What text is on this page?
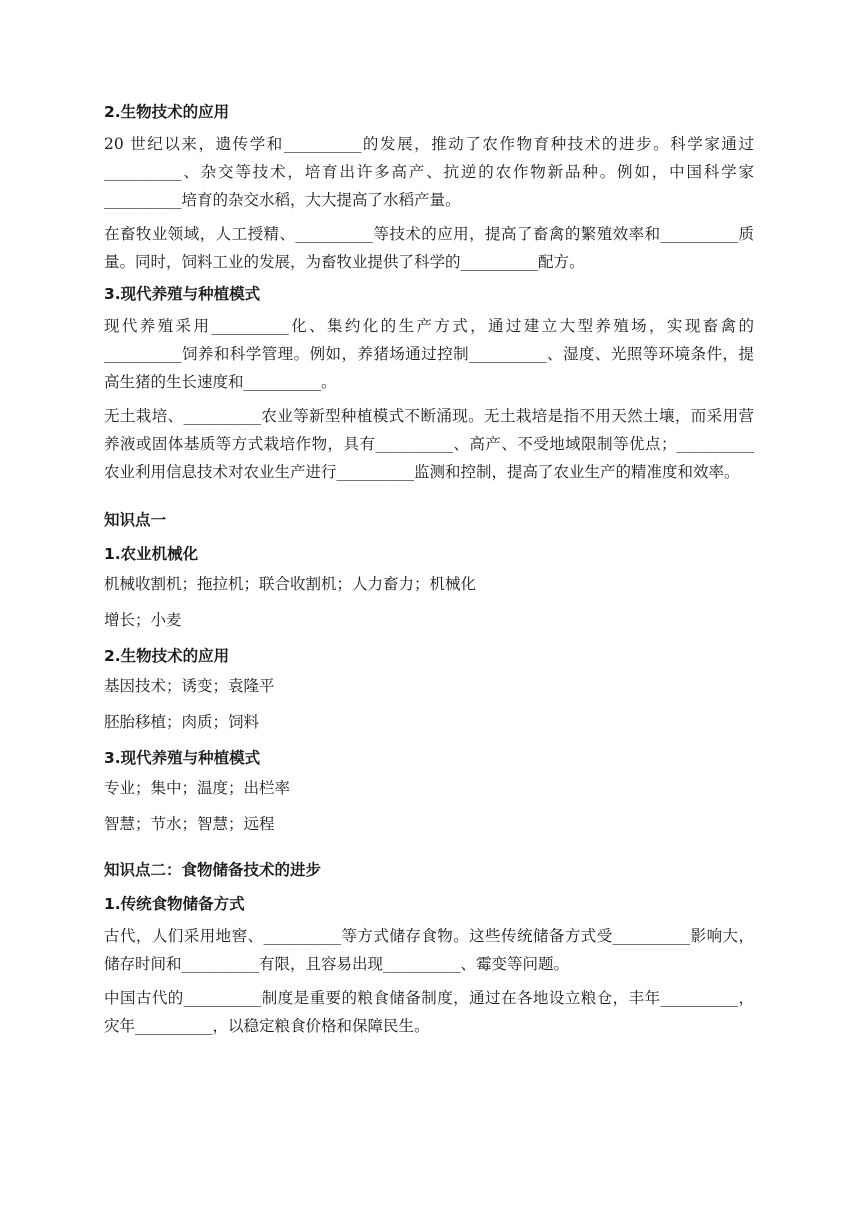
2.生物技术的应用
20 世纪以来，遗传学和__________的发展，推动了农作物育种技术的进步。科学家通过__________、杂交等技术，培育出许多高产、抗逆的农作物新品种。例如，中国科学家__________培育的杂交水稻，大大提高了水稻产量。
在畜牧业领域，人工授精、__________等技术的应用，提高了畜禽的繁殖效率和__________质量。同时，饲料工业的发展，为畜牧业提供了科学的__________配方。
3.现代养殖与种植模式
现代养殖采用__________化、集约化的生产方式，通过建立大型养殖场，实现畜禽的__________饲养和科学管理。例如，养猪场通过控制__________、湿度、光照等环境条件，提高生猪的生长速度和__________。
无土栽培、__________农业等新型种植模式不断涌现。无土栽培是指不用天然土壤，而采用营养液或固体基质等方式栽培作物，具有__________、高产、不受地域限制等优点；__________农业利用信息技术对农业生产进行__________监测和控制，提高了农业生产的精准度和效率。
知识点一
1.农业机械化
机械收割机；拖拉机；联合收割机；人力畜力；机械化
增长；小麦
2.生物技术的应用
基因技术；诱变；袁隆平
胚胎移植；肉质；饲料
3.现代养殖与种植模式
专业；集中；温度；出栏率
智慧；节水；智慧；远程
知识点二：食物储备技术的进步
1.传统食物储备方式
古代，人们采用地窖、__________等方式储存食物。这些传统储备方式受__________影响大，储存时间和__________有限，且容易出现__________、霉变等问题。
中国古代的__________制度是重要的粮食储备制度，通过在各地设立粮仓，丰年__________，灾年__________，以稳定粮食价格和保障民生。
